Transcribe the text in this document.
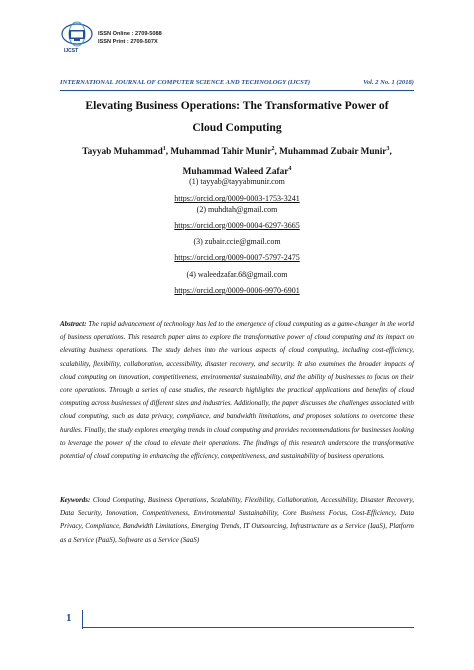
IJCST
ISSN Online : 2709-5088
ISSN Print : 2709-507X
INTERNATIONAL JOURNAL OF COMPUTER SCIENCE AND TECHNOLOGY (IJCST)	Vol. 2 No. 1 (2018)
Elevating Business Operations: The Transformative Power of Cloud Computing
Tayyab Muhammad$^1$, Muhammad Tahir Munir$^2$, Muhammad Zubair Munir$^3$,
Muhammad Waleed Zafar$^4$
(1) tayyab@tayyabmunir.com
https://orcid.org/0009-0003-1753-3241
(2) muhdtah@gmail.com
https://orcid.org/0009-0004-6297-3665
(3) zubair.ccie@gmail.com
https://orcid.org/0009-0007-5797-2475
(4) waleedzafar.68@gmail.com
https://orcid.org/0009-0006-9970-6901
Abstract: The rapid advancement of technology has led to the emergence of cloud computing as a game-changer in the world of business operations. This research paper aims to explore the transformative power of cloud computing and its impact on elevating business operations. The study delves into the various aspects of cloud computing, including cost-efficiency, scalability, flexibility, collaboration, accessibility, disaster recovery, and security. It also examines the broader impacts of cloud computing on innovation, competitiveness, environmental sustainability, and the ability of businesses to focus on their core operations. Through a series of case studies, the research highlights the practical applications and benefits of cloud computing across businesses of different sizes and industries. Additionally, the paper discusses the challenges associated with cloud computing, such as data privacy, compliance, and bandwidth limitations, and proposes solutions to overcome these hurdles. Finally, the study explores emerging trends in cloud computing and provides recommendations for businesses looking to leverage the power of the cloud to elevate their operations. The findings of this research underscore the transformative potential of cloud computing in enhancing the efficiency, competitiveness, and sustainability of business operations.
Keywords: Cloud Computing, Business Operations, Scalability, Flexibility, Collaboration, Accessibility, Disaster Recovery, Data Security, Innovation, Competitiveness, Environmental Sustainability, Core Business Focus, Cost-Efficiency, Data Privacy, Compliance, Bandwidth Limitations, Emerging Trends, IT Outsourcing, Infrastructure as a Service (IaaS), Platform as a Service (PaaS), Software as a Service (SaaS)
1
